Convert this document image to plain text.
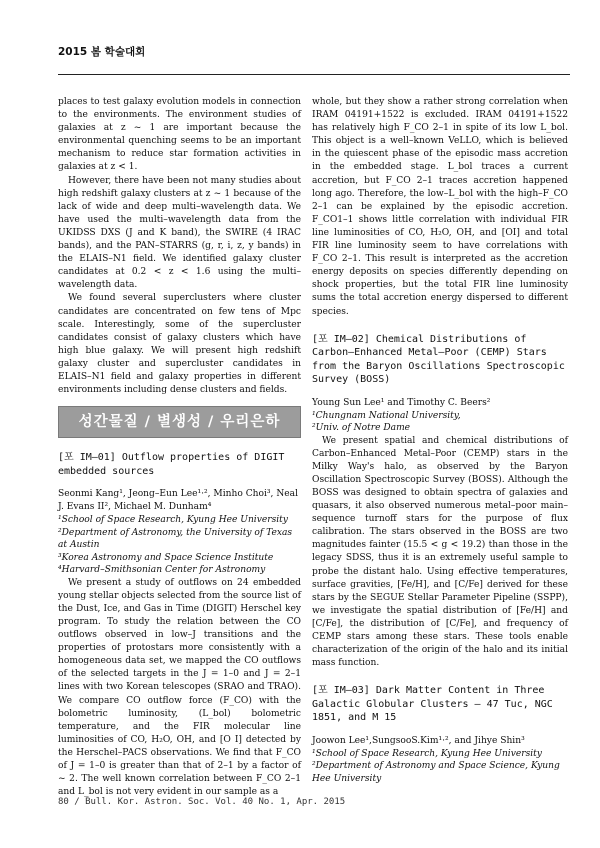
2015 봄 학술대회

places to test galaxy evolution models in connection to the environments. The environment studies of galaxies at z ~ 1 are important because the environmental quenching seems to be an important mechanism to reduce star formation activities in galaxies at z < 1.

However, there have been not many studies about high redshift galaxy clusters at z ~ 1 because of the lack of wide and deep multi–wavelength data. We have used the multi–wavelength data from the UKIDSS DXS (J and K band), the SWIRE (4 IRAC bands), and the PAN–STARRS (g, r, i, z, y bands) in the ELAIS–N1 field. We identified galaxy cluster candidates at 0.2 < z < 1.6 using the multi–wavelength data.

We found several superclusters where cluster candidates are concentrated on few tens of Mpc scale. Interestingly, some of the supercluster candidates consist of galaxy clusters which have high blue galaxy. We will present high redshift galaxy cluster and supercluster candidates in ELAIS–N1 field and galaxy properties in different environments including dense clusters and fields.

성간물질 / 별생성 / 우리은하

[포 IM–01] Outflow properties of DIGIT embedded sources

Seonmi Kang¹, Jeong–Eun Lee¹·², Minho Choi³, Neal J. Evans II², Michael M. Dunham⁴

¹School of Space Research, Kyung Hee University

²Department of Astronomy, the University of Texas at Austin

³Korea Astronomy and Space Science Institute

⁴Harvard–Smithsonian Center for Astronomy

We present a study of outflows on 24 embedded young stellar objects selected from the source list of the Dust, Ice, and Gas in Time (DIGIT) Herschel key program. To study the relation between the CO outflows observed in low–J transitions and the properties of protostars more consistently with a homogeneous data set, we mapped the CO outflows of the selected targets in the J = 1–0 and J = 2–1 lines with two Korean telescopes (SRAO and TRAO). We compare CO outflow force (F_CO) with the bolometric luminosity, (L_bol) bolometric temperature, and the FIR molecular line luminosities of CO, H₂O, OH, and [O I] detected by the Herschel–PACS observations. We find that F_CO of J = 1–0 is greater than that of 2–1 by a factor of ~ 2. The well known correlation between F_CO 2–1 and L_bol is not very evident in our sample as a

whole, but they show a rather strong correlation when IRAM 04191+1522 is excluded. IRAM 04191+1522 has relatively high F_CO 2–1 in spite of its low L_bol. This object is a well–known VeLLO, which is believed in the quiescent phase of the episodic mass accretion in the embedded stage. L_bol traces a current accretion, but F_CO 2–1 traces accretion happened long ago. Therefore, the low–L_bol with the high–F_CO 2–1 can be explained by the episodic accretion. F_CO1–1 shows little correlation with individual FIR line luminosities of CO, H₂O, OH, and [OI] and total FIR line luminosity seem to have correlations with F_CO 2–1. This result is interpreted as the accretion energy deposits on species differently depending on shock properties, but the total FIR line luminosity sums the total accretion energy dispersed to different species.

[포 IM–02] Chemical Distributions of Carbon–Enhanced Metal–Poor (CEMP) Stars from the Baryon Oscillations Spectroscopic Survey (BOSS)

Young Sun Lee¹ and Timothy C. Beers²

¹Chungnam National University,

²Univ. of Notre Dame

We present spatial and chemical distributions of Carbon–Enhanced Metal–Poor (CEMP) stars in the Milky Way's halo, as observed by the Baryon Oscillation Spectroscopic Survey (BOSS). Although the BOSS was designed to obtain spectra of galaxies and quasars, it also observed numerous metal–poor main–sequence turnoff stars for the purpose of flux calibration. The stars observed in the BOSS are two magnitudes fainter (15.5 < g < 19.2) than those in the legacy SDSS, thus it is an extremely useful sample to probe the distant halo. Using effective temperatures, surface gravities, [Fe/H], and [C/Fe] derived for these stars by the SEGUE Stellar Parameter Pipeline (SSPP), we investigate the spatial distribution of [Fe/H] and [C/Fe], the distribution of [C/Fe], and frequency of CEMP stars among these stars. These tools enable characterization of the origin of the halo and its initial mass function.

[포 IM–03] Dark Matter Content in Three Galactic Globular Clusters – 47 Tuc, NGC 1851, and M 15

Joowon Lee¹,SungsooS.Kim¹·², and Jihye Shin³

¹School of Space Research, Kyung Hee University

²Department of Astronomy and Space Science, Kyung Hee University

80 / Bull. Kor. Astron. Soc. Vol. 40 No. 1, Apr. 2015
